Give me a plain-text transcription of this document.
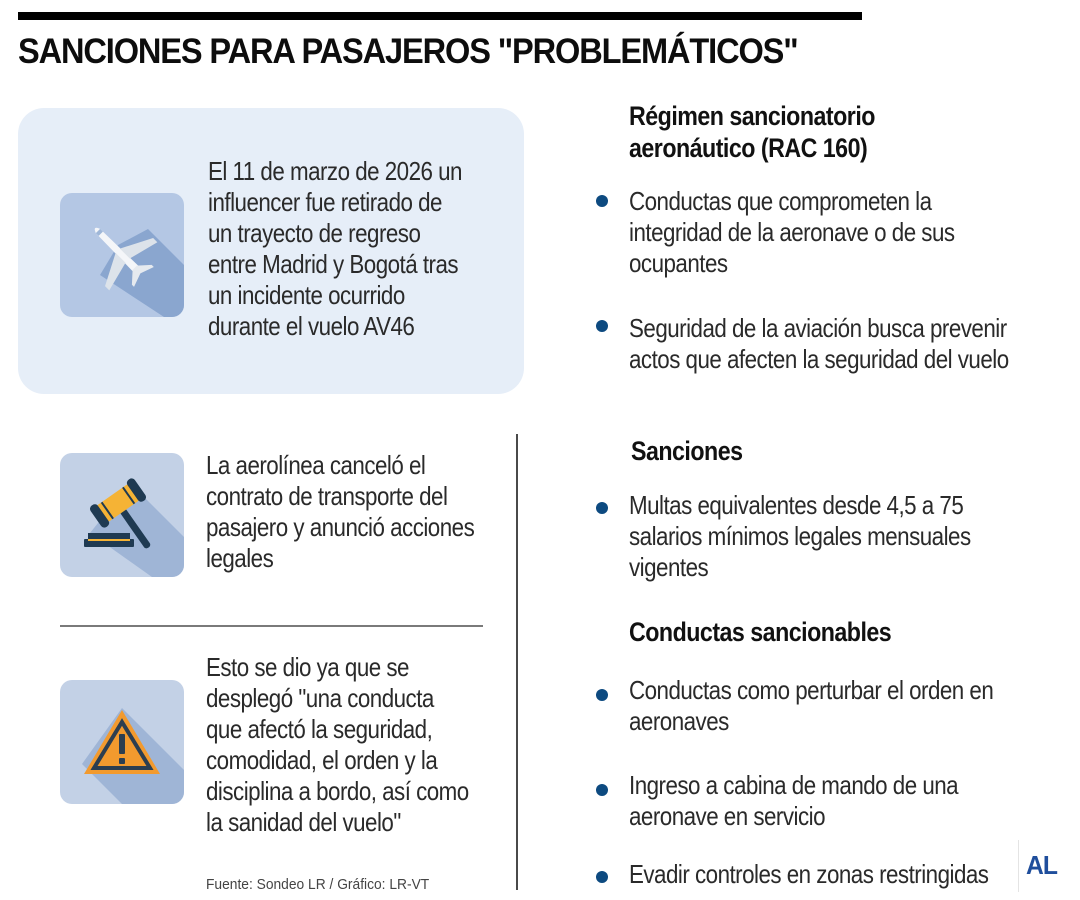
SANCIONES PARA PASAJEROS "PROBLEMÁTICOS"
El 11 de marzo de 2026 un
influencer fue retirado de
un trayecto de regreso
entre Madrid y Bogotá tras
un incidente ocurrido
durante el vuelo AV46
La aerolínea canceló el
contrato de transporte del
pasajero y anunció acciones
legales
Esto se dio ya que se
desplegó "una conducta
que afectó la seguridad,
comodidad, el orden y la
disciplina a bordo, así como
la sanidad del vuelo"
Fuente: Sondeo LR / Gráfico: LR-VT
Régimen sancionatorio
aeronáutico (RAC 160)
Conductas que comprometen la
integridad de la aeronave o de sus
ocupantes
Seguridad de la aviación busca prevenir
actos que afecten la seguridad del vuelo
Sanciones
Multas equivalentes desde 4,5 a 75
salarios mínimos legales mensuales
vigentes
Conductas sancionables
Conductas como perturbar el orden en
aeronaves
Ingreso a cabina de mando de una
aeronave en servicio
Evadir controles en zonas restringidas AL
